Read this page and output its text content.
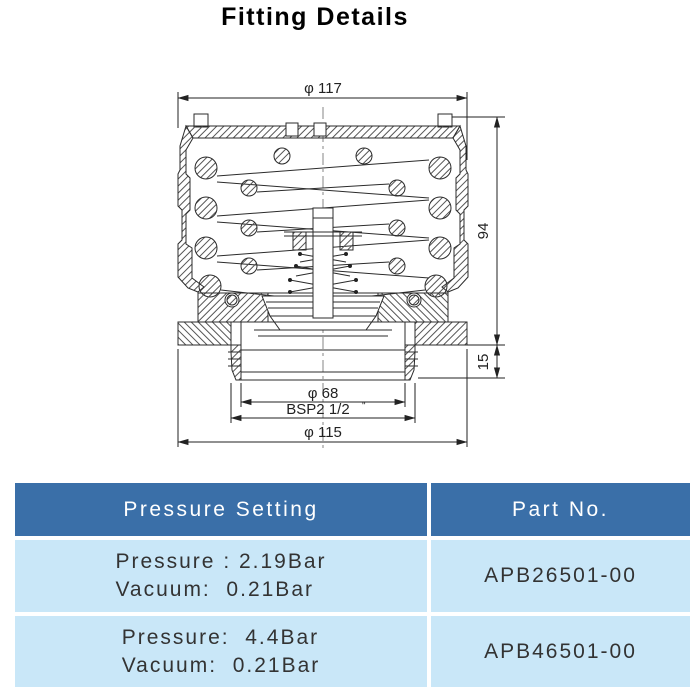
Fitting Details
φ 117
94
15
φ 68
BSP2 1/2 "
φ 115
Pressure Setting	Part No.
Pressure : 2.19Bar
Vacuum:  0.21Bar
APB26501-00
Pressure:  4.4Bar
Vacuum:  0.21Bar
APB46501-00
